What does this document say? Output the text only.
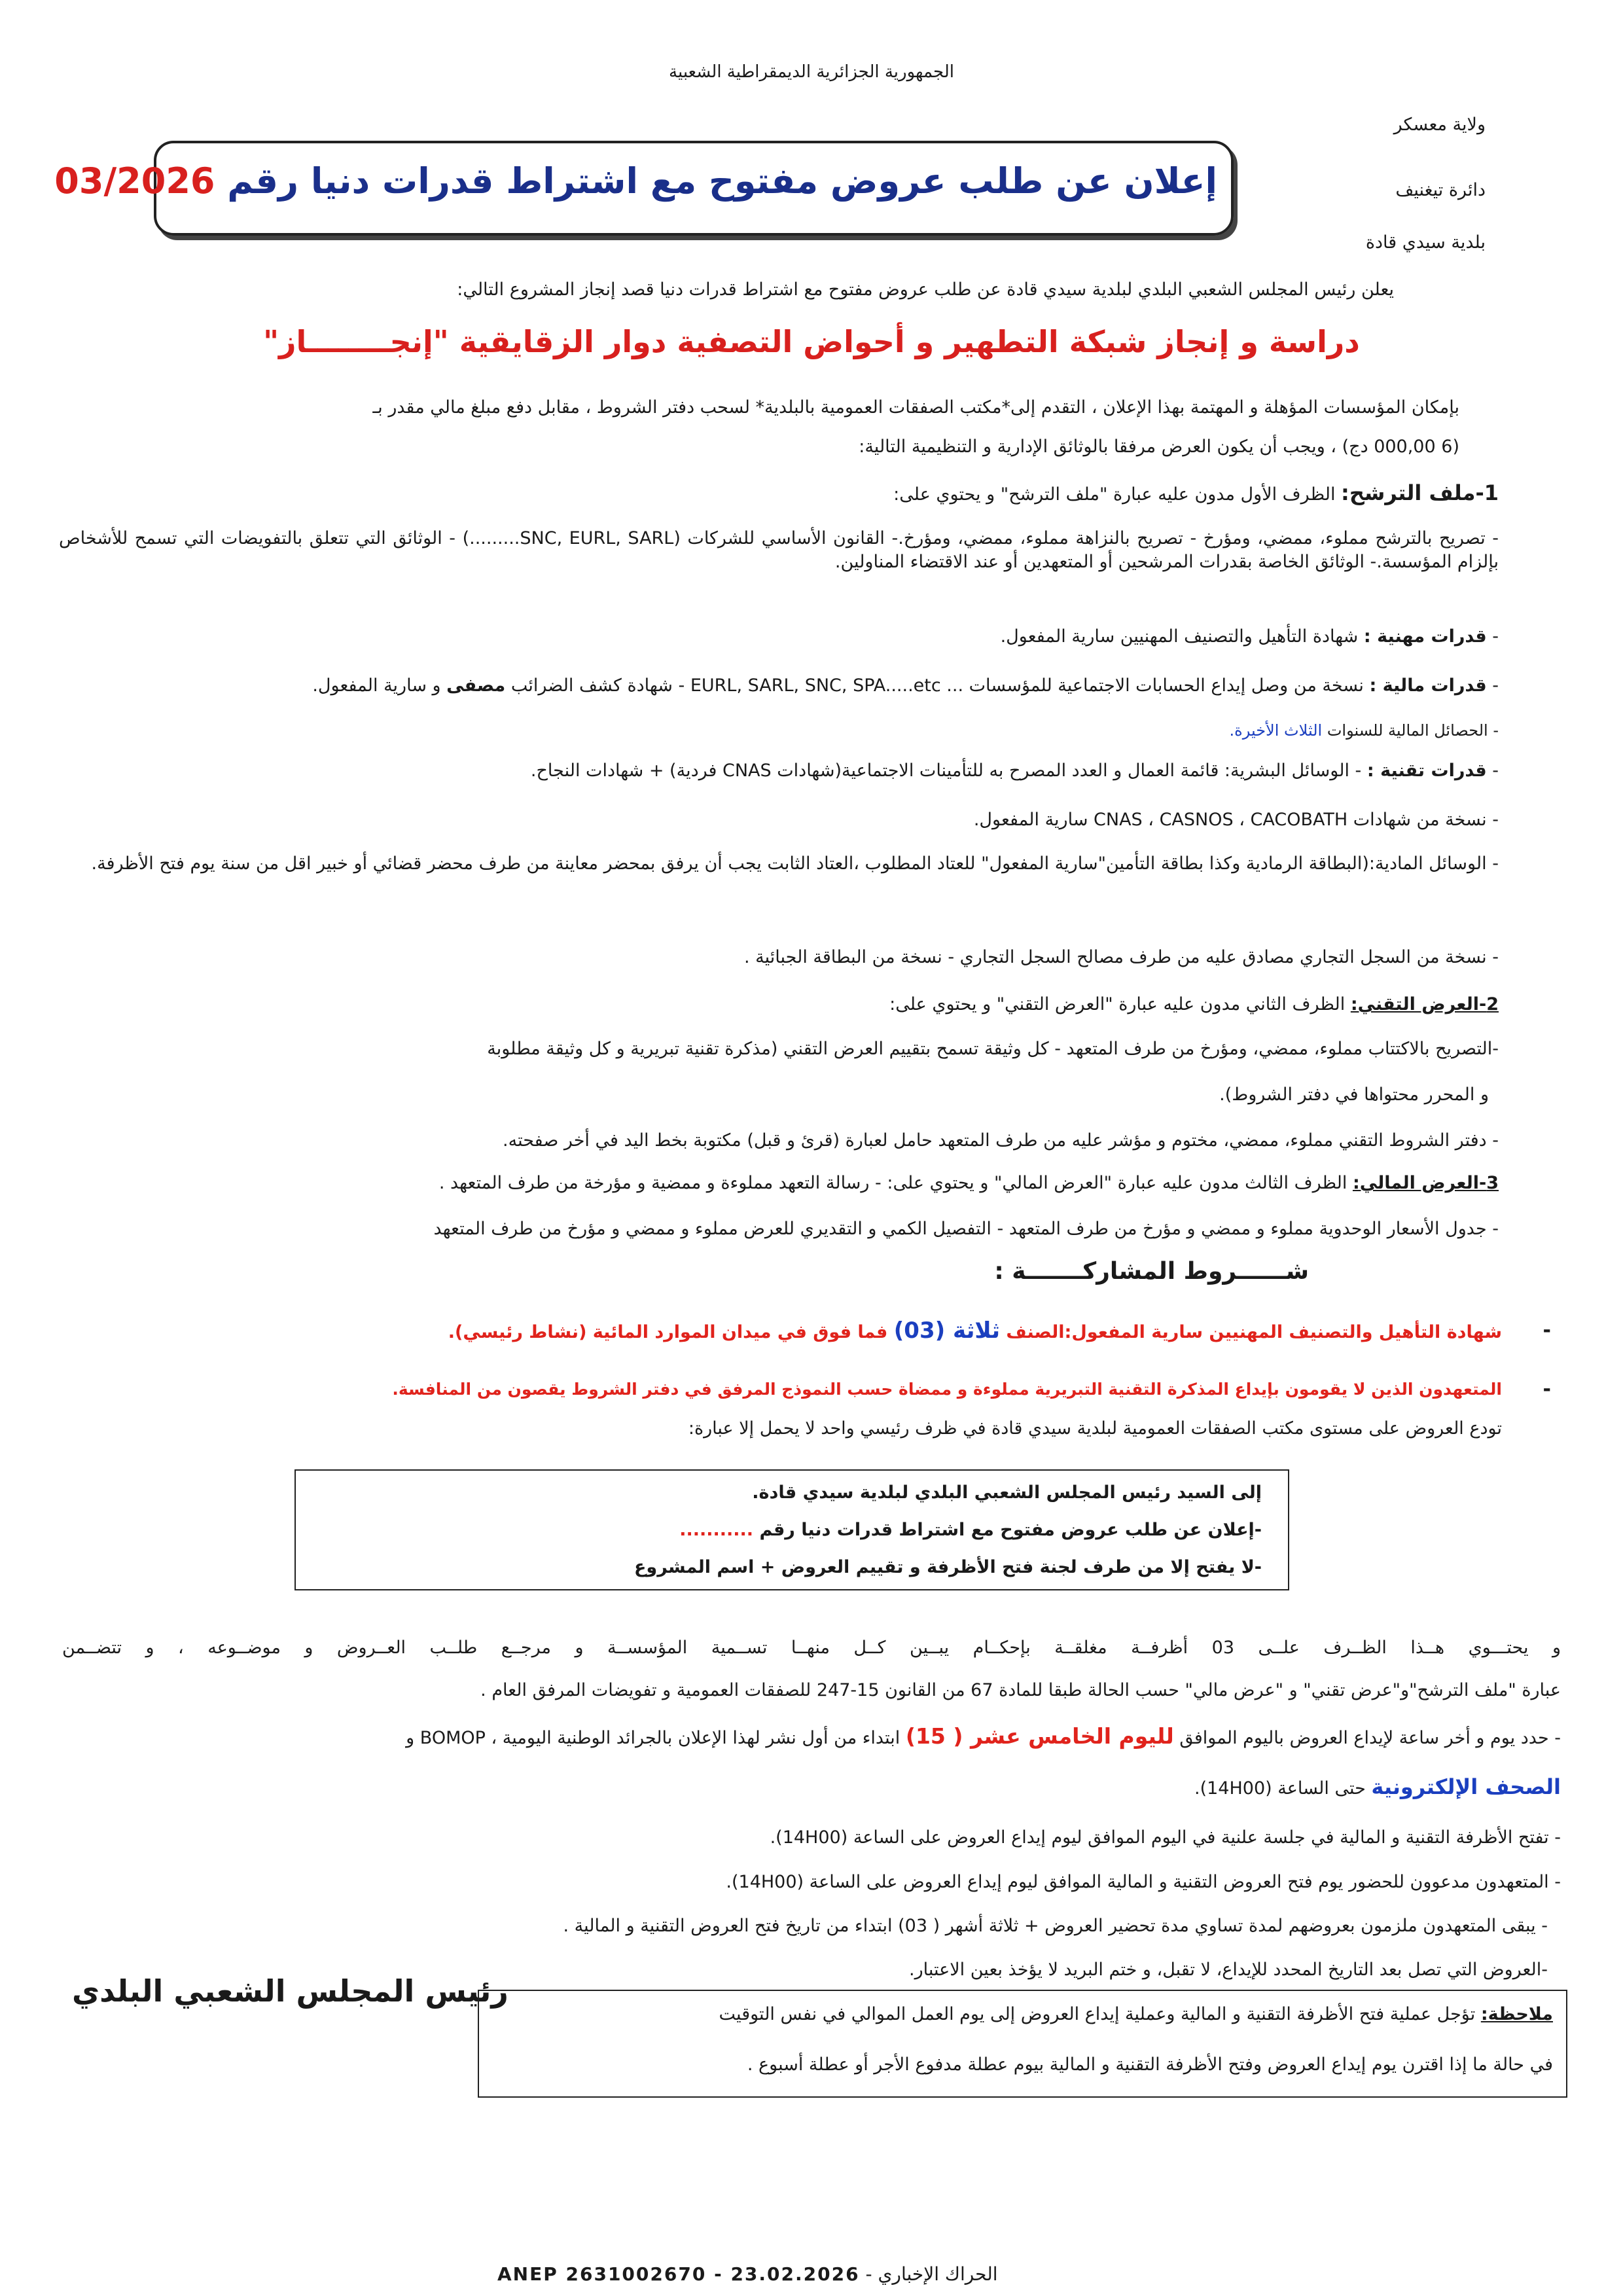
الجمهورية الجزائرية الديمقراطية الشعبية
ولاية معسكر
دائرة تيغنيف
بلدية سيدي قادة
إعلان عن طلب عروض مفتوح مع اشتراط قدرات دنيا رقم 03/2026
يعلن رئيس المجلس الشعبي البلدي لبلدية سيدي قادة عن طلب عروض مفتوح مع اشتراط قدرات دنيا قصد إنجاز المشروع التالي:
دراسة و إنجاز شبكة التطهير و أحواض التصفية دوار الزقايقية "إنجــــــــاز"
بإمكان المؤسسات المؤهلة و المهتمة بهذا الإعلان ، التقدم إلى*مكتب الصفقات العمومية بالبلدية* لسحب دفتر الشروط ، مقابل دفع مبلغ مالي مقدر بـ
(6 000,00 دج) ، ويجب أن يكون العرض مرفقا بالوثائق الإدارية و التنظيمية التالية:
1-ملف الترشح: الظرف الأول مدون عليه عبارة "ملف الترشح" و يحتوي على:
- تصريح بالترشح مملوء، ممضي، ومؤرخ - تصريح بالنزاهة مملوء، ممضي، ومؤرخ.- القانون الأساسي للشركات (SNC, EURL, SARL.........) - الوثائق التي تتعلق بالتفويضات التي تسمح للأشخاص بإلزام المؤسسة.- الوثائق الخاصة بقدرات المرشحين أو المتعهدين أو عند الاقتضاء المناولين.
- قدرات مهنية : شهادة التأهيل والتصنيف المهنيين سارية المفعول.
- قدرات مالية : نسخة من وصل إيداع الحسابات الاجتماعية للمؤسسات ... EURL, SARL, SNC, SPA.....etc - شهادة كشف الضرائب مصفى و سارية المفعول.
- الحصائل المالية للسنوات الثلاث الأخيرة.
- قدرات تقنية : - الوسائل البشرية: قائمة العمال و العدد المصرح به للتأمينات الاجتماعية(شهادات CNAS فردية) + شهادات النجاح.
- نسخة من شهادات CNAS ، CASNOS ، CACOBATH سارية المفعول.
- الوسائل المادية:(البطاقة الرمادية وكذا بطاقة التأمين"سارية المفعول" للعتاد المطلوب ،العتاد الثابت يجب أن يرفق بمحضر معاينة من طرف محضر قضائي أو خبير اقل من سنة يوم فتح الأظرفة.
- نسخة من السجل التجاري مصادق عليه من طرف مصالح السجل التجاري - نسخة من البطاقة الجبائية .
2-العرض التقني: الظرف الثاني مدون عليه عبارة "العرض التقني" و يحتوي على:
-التصريح بالاكتتاب مملوء، ممضي، ومؤرخ من طرف المتعهد - كل وثيقة تسمح بتقييم العرض التقني (مذكرة تقنية تبريرية و كل وثيقة مطلوبة
و المحرر محتواها في دفتر الشروط).
- دفتر الشروط التقني مملوء، ممضي، مختوم و مؤشر عليه من طرف المتعهد حامل لعبارة (قرئ و قبل) مكتوبة بخط اليد في أخر صفحته.
3-العرض المالي: الظرف الثالث مدون عليه عبارة "العرض المالي" و يحتوي على: - رسالة التعهد مملوءة و ممضية و مؤرخة من طرف المتعهد .
- جدول الأسعار الوحدوية مملوء و ممضي و مؤرخ من طرف المتعهد - التفصيل الكمي و التقديري للعرض مملوء و ممضي و مؤرخ من طرف المتعهد
شــــــروط المشاركـــــــة :
-
شهادة التأهيل والتصنيف المهنيين سارية المفعول:الصنف ثلاثة (03) فما فوق في ميدان الموارد المائية (نشاط رئيسي).
-
المتعهدون الذين لا يقومون بإيداع المذكرة التقنية التبريرية مملوءة و ممضاة حسب النموذج المرفق في دفتر الشروط يقصون من المنافسة.
تودع العروض على مستوى مكتب الصفقات العمومية لبلدية سيدي قادة في ظرف رئيسي واحد لا يحمل إلا عبارة:
إلى السيد رئيس المجلس الشعبي البلدي لبلدية سيدي قادة.
-إعلان عن طلب عروض مفتوح مع اشتراط قدرات دنيا رقم ...........
-لا يفتح إلا من طرف لجنة فتح الأظرفة و تقييم العروض + اسم المشروع
و يحتـــوي هــذا الظــرف علــى 03 أظرفــة مغلقــة بإحكــام يبــين كــل منهــا تســمية المؤسســة و مرجــع طلــب العــروض و موضــوعه ، و تتضــمن
عبارة "ملف الترشح"و"عرض تقني" و "عرض مالي" حسب الحالة طبقا للمادة 67 من القانون 15-247 للصفقات العمومية و تفويضات المرفق العام .
- حدد يوم و أخر ساعة لإيداع العروض باليوم الموافق لليوم الخامس عشر ( 15) ابتداء من أول نشر لهذا الإعلان بالجرائد الوطنية اليومية ، BOMOP و
الصحف الإلكترونية حتى الساعة (14H00).
- تفتح الأظرفة التقنية و المالية في جلسة علنية في اليوم الموافق ليوم إيداع العروض على الساعة (14H00).
- المتعهدون مدعوون للحضور يوم فتح العروض التقنية و المالية الموافق ليوم إيداع العروض على الساعة (14H00).
- يبقى المتعهدون ملزمون بعروضهم لمدة تساوي مدة تحضير العروض + ثلاثة أشهر ( 03) ابتداء من تاريخ فتح العروض التقنية و المالية .
-العروض التي تصل بعد التاريخ المحدد للإيداع، لا تقبل، و ختم البريد لا يؤخذ بعين الاعتبار.
رئيس المجلس الشعبي البلدي
ملاحظة: تؤجل عملية فتح الأظرفة التقنية و المالية وعملية إيداع العروض إلى يوم العمل الموالي في نفس التوقيت
في حالة ما إذا اقترن يوم إيداع العروض وفتح الأظرفة التقنية و المالية بيوم عطلة مدفوع الأجر أو عطلة أسبوع .
الحراك الإخباري - ANEP 2631002670 - 23.02.2026
